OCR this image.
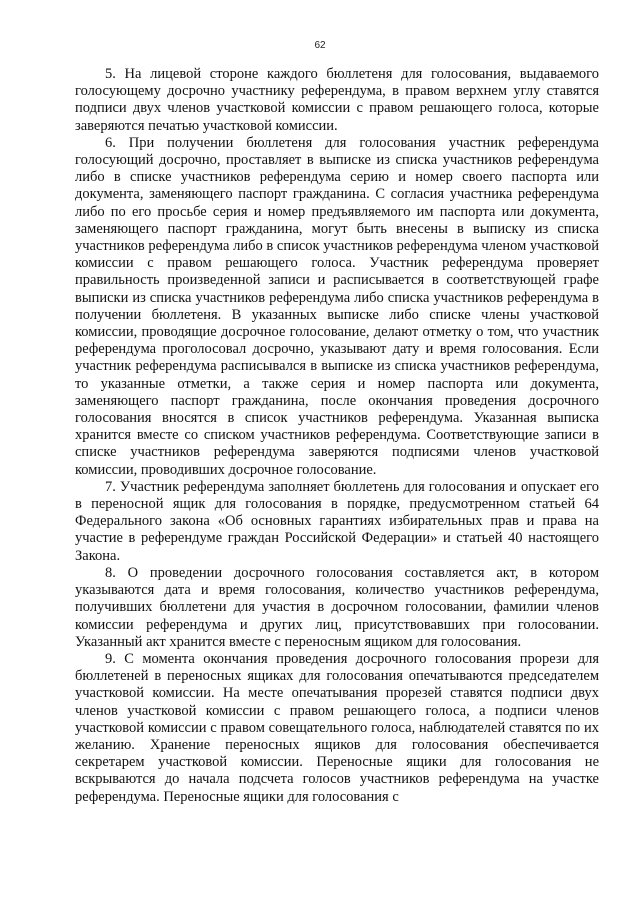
62

5. На лицевой стороне каждого бюллетеня для голосования, выдаваемого голосующему досрочно участнику референдума, в правом верхнем углу ставятся подписи двух членов участковой комиссии с правом решающего голоса, которые заверяются печатью участковой комиссии.

6. При получении бюллетеня для голосования участник референдума голосующий досрочно, проставляет в выписке из списка участников референдума либо в списке участников референдума серию и номер своего паспорта или документа, заменяющего паспорт гражданина. С согласия участника референдума либо по его просьбе серия и номер предъявляемого им паспорта или документа, заменяющего паспорт гражданина, могут быть внесены в выписку из списка участников референдума либо в список участников референдума членом участковой комиссии с правом решающего голоса. Участник референдума проверяет правильность произведенной записи и расписывается в соответствующей графе выписки из списка участников референдума либо списка участников референдума в получении бюллетеня. В указанных выписке либо списке члены участковой комиссии, проводящие досрочное голосование, делают отметку о том, что участник референдума проголосовал досрочно, указывают дату и время голосования. Если участник референдума расписывался в выписке из списка участников референдума, то указанные отметки, а также серия и номер паспорта или документа, заменяющего паспорт гражданина, после окончания проведения досрочного голосования вносятся в список участников референдума. Указанная выписка хранится вместе со списком участников референдума. Соответствующие записи в списке участников референдума заверяются подписями членов участковой комиссии, проводивших досрочное голосование.

7. Участник референдума заполняет бюллетень для голосования и опускает его в переносной ящик для голосования в порядке, предусмотренном статьей 64 Федерального закона «Об основных гарантиях избирательных прав и права на участие в референдуме граждан Российской Федерации» и статьей 40 настоящего Закона.

8. О проведении досрочного голосования составляется акт, в котором указываются дата и время голосования, количество участников референдума, получивших бюллетени для участия в досрочном голосовании, фамилии членов комиссии референдума и других лиц, присутствовавших при голосовании. Указанный акт хранится вместе с переносным ящиком для голосования.

9. С момента окончания проведения досрочного голосования прорези для бюллетеней в переносных ящиках для голосования опечатываются председателем участковой комиссии. На месте опечатывания прорезей ставятся подписи двух членов участковой комиссии с правом решающего голоса, а подписи членов участковой комиссии с правом совещательного голоса, наблюдателей ставятся по их желанию. Хранение переносных ящиков для голосования обеспечивается секретарем участковой комиссии. Переносные ящики для голосования не вскрываются до начала подсчета голосов участников референдума на участке референдума. Переносные ящики для голосования с
